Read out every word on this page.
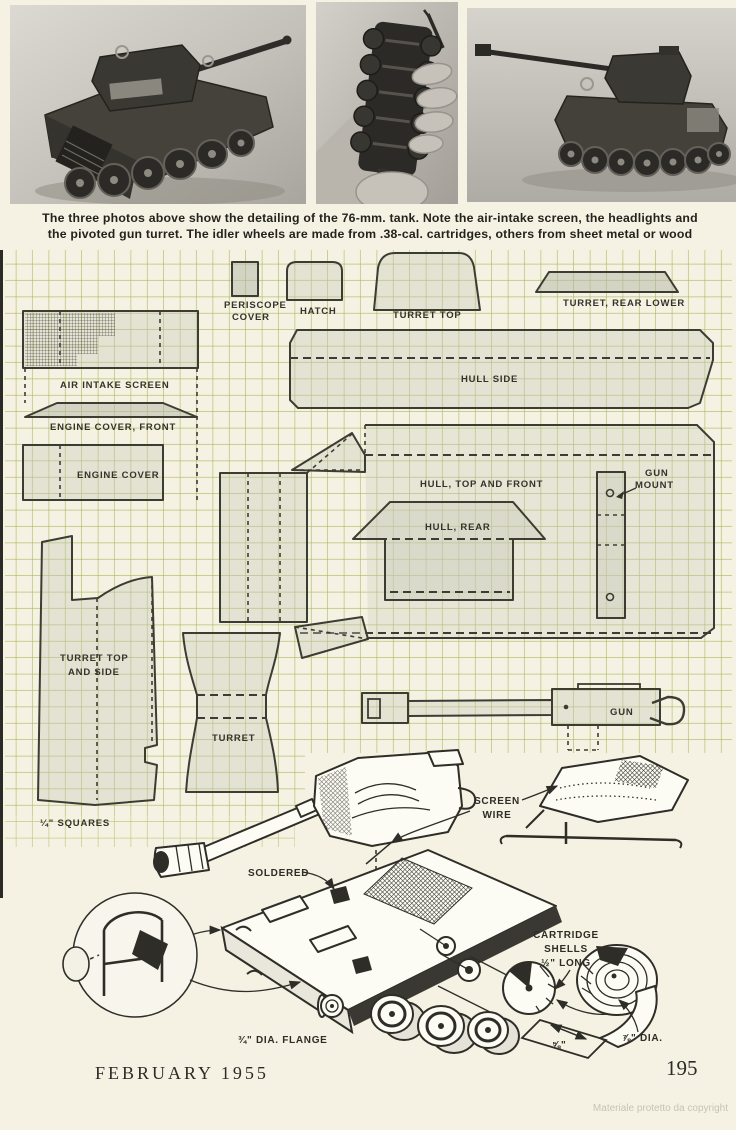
The three photos above show the detailing of the 76-mm. tank. Note the air-intake screen, the headlights and
the pivoted gun turret. The idler wheels are made from .38-cal. cartridges, others from sheet metal or wood
PERISCOPE
COVER
HATCH	TURRET TOP
TURRET, REAR LOWER
AIR INTAKE SCREEN
HULL SIDE
ENGINE COVER, FRONT
ENGINE COVER
HULL, TOP AND FRONT
HULL, REAR
GUN
MOUNT
TURRET TOP
AND SIDE
TURRET
GUN
¼" SQUARES
SOLDERED
SCREEN
WIRE
CARTRIDGE
SHELLS
½" LONG
¾" DIA. FLANGE	⅝"
⅞" DIA.
FEBRUARY 1955	195
Materiale protetto da copyright
